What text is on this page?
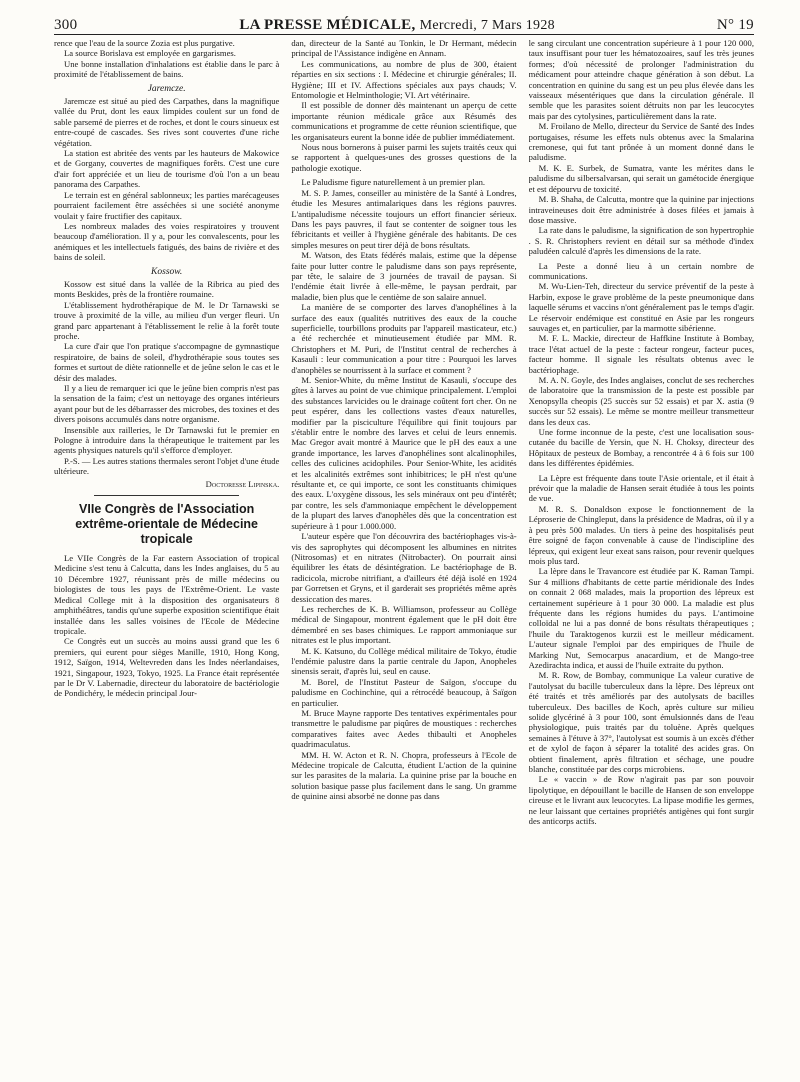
300	LA PRESSE MÉDICALE, Mercredi, 7 Mars 1928	N° 19

rence que l'eau de la source Zozia est plus purgative.

La source Borislava est employée en gargarismes.

Une bonne installation d'inhalations est établie dans le parc à proximité de l'établissement de bains.

Jaremcze.

Jaremcze est situé au pied des Carpathes, dans la magnifique vallée du Prut, dont les eaux limpides coulent sur un fond de sable parsemé de pierres et de roches, et dont le cours sinueux est entre-coupé de cascades. Ses rives sont couvertes d'une riche végétation.

La station est abritée des vents par les hauteurs de Makowice et de Gorgany, couvertes de magnifiques forêts. C'est une cure d'air fort appréciée et un lieu de tourisme d'où l'on a un beau panorama des Carpathes.

Le terrain est en général sablonneux; les parties marécageuses pourraient facilement être asséchées si une société anonyme voulait y faire fructifier des capitaux.

Les nombreux malades des voies respiratoires y trouvent beaucoup d'amélioration. Il y a, pour les convalescents, pour les anémiques et les intellectuels fatigués, des bains de rivière et des bains de soleil.

Kossow.

Kossow est situé dans la vallée de la Ribrica au pied des monts Beskides, près de la frontière roumaine.

L'établissement hydrothérapique de M. le Dr Tarnawski se trouve à proximité de la ville, au milieu d'un verger fleuri. Un grand parc appartenant à l'établissement le relie à la forêt toute proche.

La cure d'air que l'on pratique s'accompagne de gymnastique respiratoire, de bains de soleil, d'hydrothérapie sous toutes ses formes et surtout de diète rationnelle et de jeûne selon le cas et le désir des malades.

Il y a lieu de remarquer ici que le jeûne bien compris n'est pas la sensation de la faim; c'est un nettoyage des organes intérieurs ayant pour but de les débarrasser des microbes, des toxines et des divers poisons accumulés dans notre organisme.

Insensible aux railleries, le Dr Tarnawski fut le premier en Pologne à introduire dans la thérapeutique le traitement par les agents physiques naturels qu'il s'efforce d'employer.

P.-S. — Les autres stations thermales seront l'objet d'une étude ultérieure.

Doctoresse Lipinska.
VIIe Congrès de l'Association extrême-orientale de Médecine tropicale

Le VIIe Congrès de la Far eastern Association of tropical Medicine s'est tenu à Calcutta, dans les Indes anglaises, du 5 au 10 Décembre 1927, réunissant près de mille médecins ou biologistes de tous les pays de l'Extrême-Orient. Le vaste Medical College mit à la disposition des organisateurs 8 amphithéâtres, tandis qu'une superbe exposition scientifique était installée dans les salles voisines de l'Ecole de Médecine tropicale.

Ce Congrès eut un succès au moins aussi grand que les 6 premiers, qui eurent pour sièges Manille, 1910, Hong Kong, 1912, Saïgon, 1914, Weltevreden dans les Indes néerlandaises, 1921, Singapour, 1923, Tokyo, 1925. La France était représentée par le Dr V. Labernadie, directeur du laboratoire de bactériologie de Pondichéry, le médecin principal Jour-

dan, directeur de la Santé au Tonkin, le Dr Hermant, médecin principal de l'Assistance indigène en Annam.

Les communications, au nombre de plus de 300, étaient réparties en six sections : I. Médecine et chirurgie générales; II. Hygiène; III et IV. Affections spéciales aux pays chauds; V. Entomologie et Helminthologie; VI. Art vétérinaire.

Il est possible de donner dès maintenant un aperçu de cette importante réunion médicale grâce aux Résumés des communications et programme de cette réunion scientifique, que les organisateurs eurent la bonne idée de publier immédiatement.

Nous nous bornerons à puiser parmi les sujets traités ceux qui se rapportent à quelques-unes des grosses questions de la pathologie exotique.

Le Paludisme figure naturellement à un premier plan.

M. S. P. James, conseiller au ministère de la Santé à Londres, étudie les Mesures antimalariques dans les régions pauvres. L'antipaludisme nécessite toujours un effort financier sérieux. Dans les pays pauvres, il faut se contenter de soigner tous les fébricitants et veiller à l'hygiène générale des habitants. De ces simples mesures on peut tirer déjà de bons résultats.

M. Watson, des Etats fédérés malais, estime que la dépense faite pour lutter contre le paludisme dans son pays représente, par tête, le salaire de 3 journées de travail de paysan. Si l'endémie était livrée à elle-même, le paysan perdrait, par maladie, bien plus que le centième de son salaire annuel.

La manière de se comporter des larves d'anophélines à la surface des eaux (qualités nutritives des eaux de la couche superficielle, tourbillons produits par l'appareil masticateur, etc.) a été recherchée et minutieusement étudiée par MM. R. Christophers et M. Puri, de l'Institut central de recherches à Kasauli : leur communication a pour titre : Pourquoi les larves d'anophèles se nourrissent à la surface et comment ?

M. Senior-White, du même Institut de Kasauli, s'occupe des gîtes à larves au point de vue chimique principalement. L'emploi des substances larvicides ou le drainage coûtent fort cher. On ne peut espérer, dans les collections vastes d'eaux naturelles, modifier par la pisciculture l'équilibre qui finit toujours par s'établir entre le nombre des larves et celui de leurs ennemis. Mac Gregor avait montré à Maurice que le pH des eaux a une grande importance, les larves d'anophélines sont alcalinophiles, celles des culicines acidophiles. Pour Senior-White, les acidités et les alcalinités extrêmes sont inhibitrices; le pH n'est qu'une résultante et, ce qui importe, ce sont les constituants chimiques des eaux. L'oxygène dissous, les sels minéraux ont peu d'intérêt; par contre, les sels d'ammoniaque empêchent le développement de la plupart des larves d'anophèles dès que la concentration est supérieure à 1 pour 1.000.000.

L'auteur espère que l'on découvrira des bactériophages vis-à-vis des saprophytes qui décomposent les albumines en nitrites (Nitrosomas) et en nitrates (Nitrobacter). On pourrait ainsi équilibrer les états de désintégration. Le bactériophage de B. radicicola, microbe nitrifiant, a d'ailleurs été déjà isolé en 1924 par Gorretsen et Gryns, et il garderait ses propriétés même après dessiccation des mares.

Les recherches de K. B. Williamson, professeur au Collège médical de Singapour, montrent également que le pH doit être démembré en ses bases chimiques. Le rapport ammoniaque sur nitrates est le plus important.

M. K. Katsuno, du Collège médical militaire de Tokyo, étudie l'endémie palustre dans la partie centrale du Japon, Anopheles sinensis serait, d'après lui, seul en cause.

M. Borel, de l'Institut Pasteur de Saïgon, s'occupe du paludisme en Cochinchine, qui a rétrocédé beaucoup, à Saïgon en particulier.

M. Bruce Mayne rapporte Des tentatives expérimentales pour transmettre le paludisme par piqûres de moustiques : recherches comparatives faites avec Aedes thibaulti et Anopheles quadrimaculatus.

MM. H. W. Acton et R. N. Chopra, professeurs à l'Ecole de Médecine tropicale de Calcutta, étudient L'action de la quinine sur les parasites de la malaria. La quinine prise par la bouche en solution basique passe plus facilement dans le sang. Un gramme de quinine ainsi absorbé ne donne pas dans

le sang circulant une concentration supérieure à 1 pour 120 000, taux insuffisant pour tuer les hématozoaires, sauf les très jeunes formes; d'où nécessité de prolonger l'administration du médicament pour atteindre chaque génération à son début. La concentration en quinine du sang est un peu plus élevée dans les vaisseaux mésentériques que dans la circulation générale. Il semble que les parasites soient détruits non par les leucocytes mais par des cytolysines, particulièrement dans la rate.

M. Froilano de Mello, directeur du Service de Santé des Indes portugaises, résume les effets nuls obtenus avec la Smalarina cremonese, qui fut tant prônée à un moment donné dans le paludisme.

M. K. E. Surbek, de Sumatra, vante les mérites dans le paludisme du silbersalvarsan, qui serait un gamétocide énergique et est dépourvu de toxicité.

M. B. Shaha, de Calcutta, montre que la quinine par injections intraveineuses doit être administrée à doses filées et jamais à dose massive.

La rate dans le paludisme, la signification de son hypertrophie . S. R. Christophers revient en détail sur sa méthode d'index paludéen calculé d'après les dimensions de la rate.

La Peste a donné lieu à un certain nombre de communications.

M. Wu-Lien-Teh, directeur du service préventif de la peste à Harbin, expose le grave problème de la peste pneumonique dans laquelle sérums et vaccins n'ont généralement pas le temps d'agir. Le réservoir endémique est constitué en Asie par les rongeurs sauvages et, en particulier, par la marmotte sibérienne.

M. F. L. Mackie, directeur de Haffkine Institute à Bombay, trace l'état actuel de la peste : facteur rongeur, facteur puces, facteur homme. Il signale les résultats obtenus avec le bactériophage.

M. A. N. Goyle, des Indes anglaises, conclut de ses recherches de laboratoire que la transmission de la peste est possible par Xenopsylla cheopis (25 succès sur 52 essais) et par X. astia (9 succès sur 52 essais). Le même se montre meilleur transmetteur dans les deux cas.

Une forme inconnue de la peste, c'est une localisation sous-cutanée du bacille de Yersin, que N. H. Choksy, directeur des Hôpitaux de pesteux de Bombay, a rencontrée 4 à 6 fois sur 100 dans les différentes épidémies.

La Lèpre est fréquente dans toute l'Asie orientale, et il était à prévoir que la maladie de Hansen serait étudiée à tous les points de vue.

M. R. S. Donaldson expose le fonctionnement de la Léproserie de Chingleput, dans la présidence de Madras, où il y a à peu près 500 malades. Un tiers à peine des hospitalisés peut être soigné de façon convenable à cause de l'indiscipline des lépreux, qui exigent leur exeat sans raison, pour revenir quelques mois plus tard.

La lèpre dans le Travancore est étudiée par K. Raman Tampi. Sur 4 millions d'habitants de cette partie méridionale des Indes on connait 2 068 malades, mais la proportion des lépreux est certainement supérieure à 1 pour 30 000. La maladie est plus fréquente dans les régions humides du pays. L'antimoine colloïdal ne lui a pas donné de bons résultats thérapeutiques ; l'huile du Taraktogenos kurzii est le meilleur médicament. L'auteur signale l'emploi par des empiriques de l'huile de Marking Nut, Semocarpus anacardium, et de Mango-tree Azedirachta indica, et aussi de l'huile extraite du python.

M. R. Row, de Bombay, communique La valeur curative de l'autolysat du bacille tuberculeux dans la lèpre. Des lépreux ont été traités et très améliorés par des autolysats de bacilles tuberculeux. Des bacilles de Koch, après culture sur milieu solide glycériné à 3 pour 100, sont émulsionnés dans de l'eau physiologique, puis traités par du toluène. Après quelques semaines à l'étuve à 37°, l'autolysat est soumis à un excès d'éther et de xylol de façon à séparer la totalité des acides gras. On obtient finalement, après filtration et séchage, une poudre blanche, constituée par des corps microbiens.

Le « vaccin » de Row n'agirait pas par son pouvoir lipolytique, en dépouillant le bacille de Hansen de son enveloppe cireuse et le livrant aux leucocytes. La lipase modifie les germes, ne leur laissant que certaines propriétés antigènes qui font surgir des anticorps actifs.
